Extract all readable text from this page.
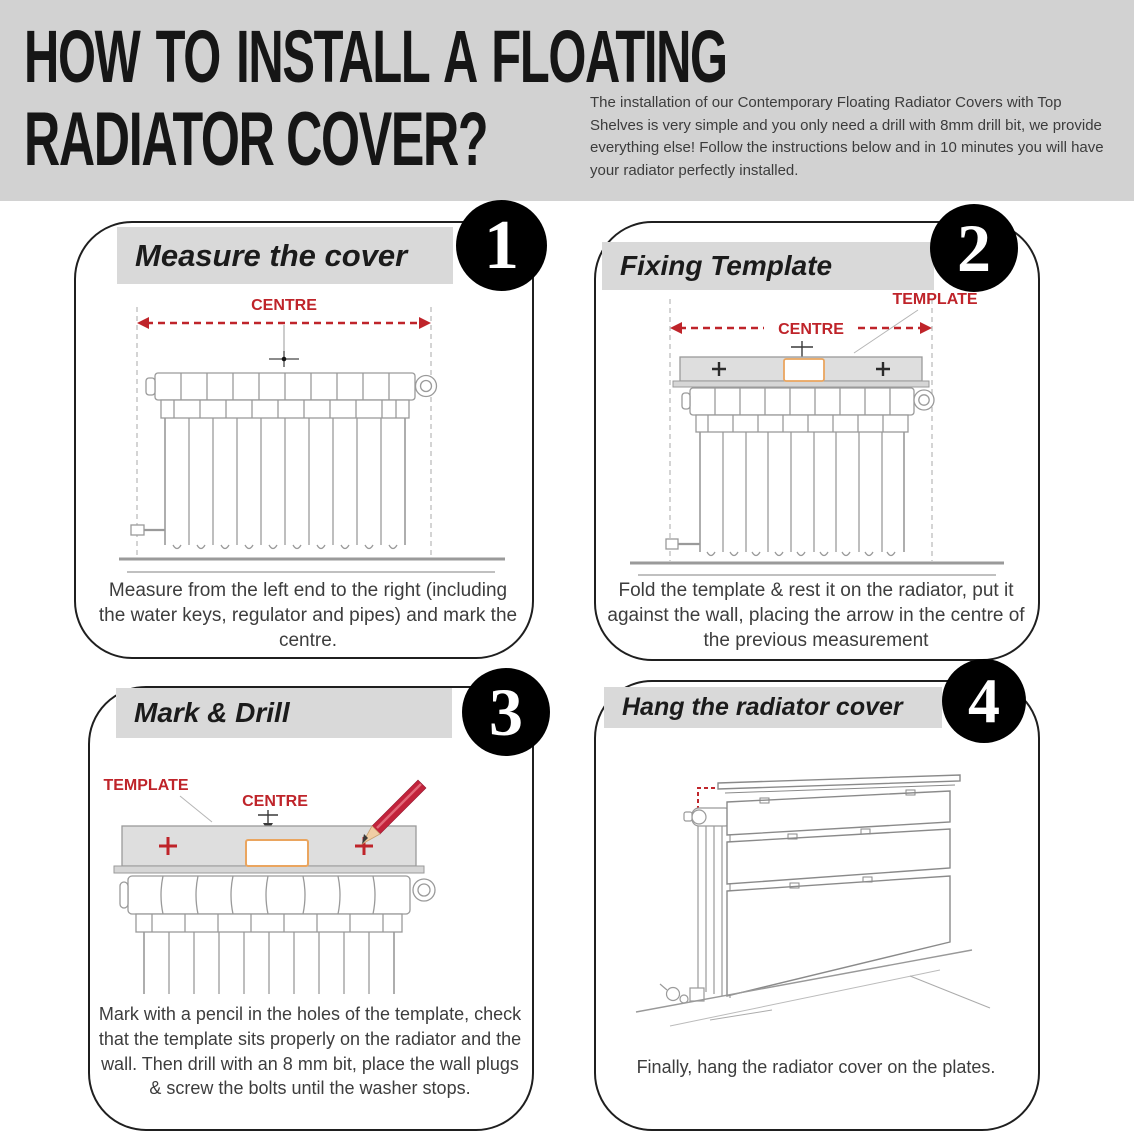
HOW TO INSTALL A FLOATING
RADIATOR COVER?	The installation of our Contemporary Floating Radiator Covers with Top Shelves is very simple and you only need a drill with 8mm drill bit, we provide everything else! Follow the instructions below and in 10 minutes you will have your radiator perfectly installed.
Measure the cover 1
CENTRE
Measure from the left end to the right (including the water keys, regulator and pipes) and mark the centre.
Fixing Template 2
TEMPLATE
CENTRE
Fold the template & rest it on the radiator, put it against the wall, placing the arrow in the centre of the previous measurement
Mark & Drill	3
TEMPLATE
CENTRE
Mark with a pencil in the holes of the template, check that the template sits properly on the radiator and the wall. Then drill with an 8 mm bit, place the wall plugs & screw the bolts until the washer stops.
Hang the radiator cover 4
Finally, hang the radiator cover on the plates.
